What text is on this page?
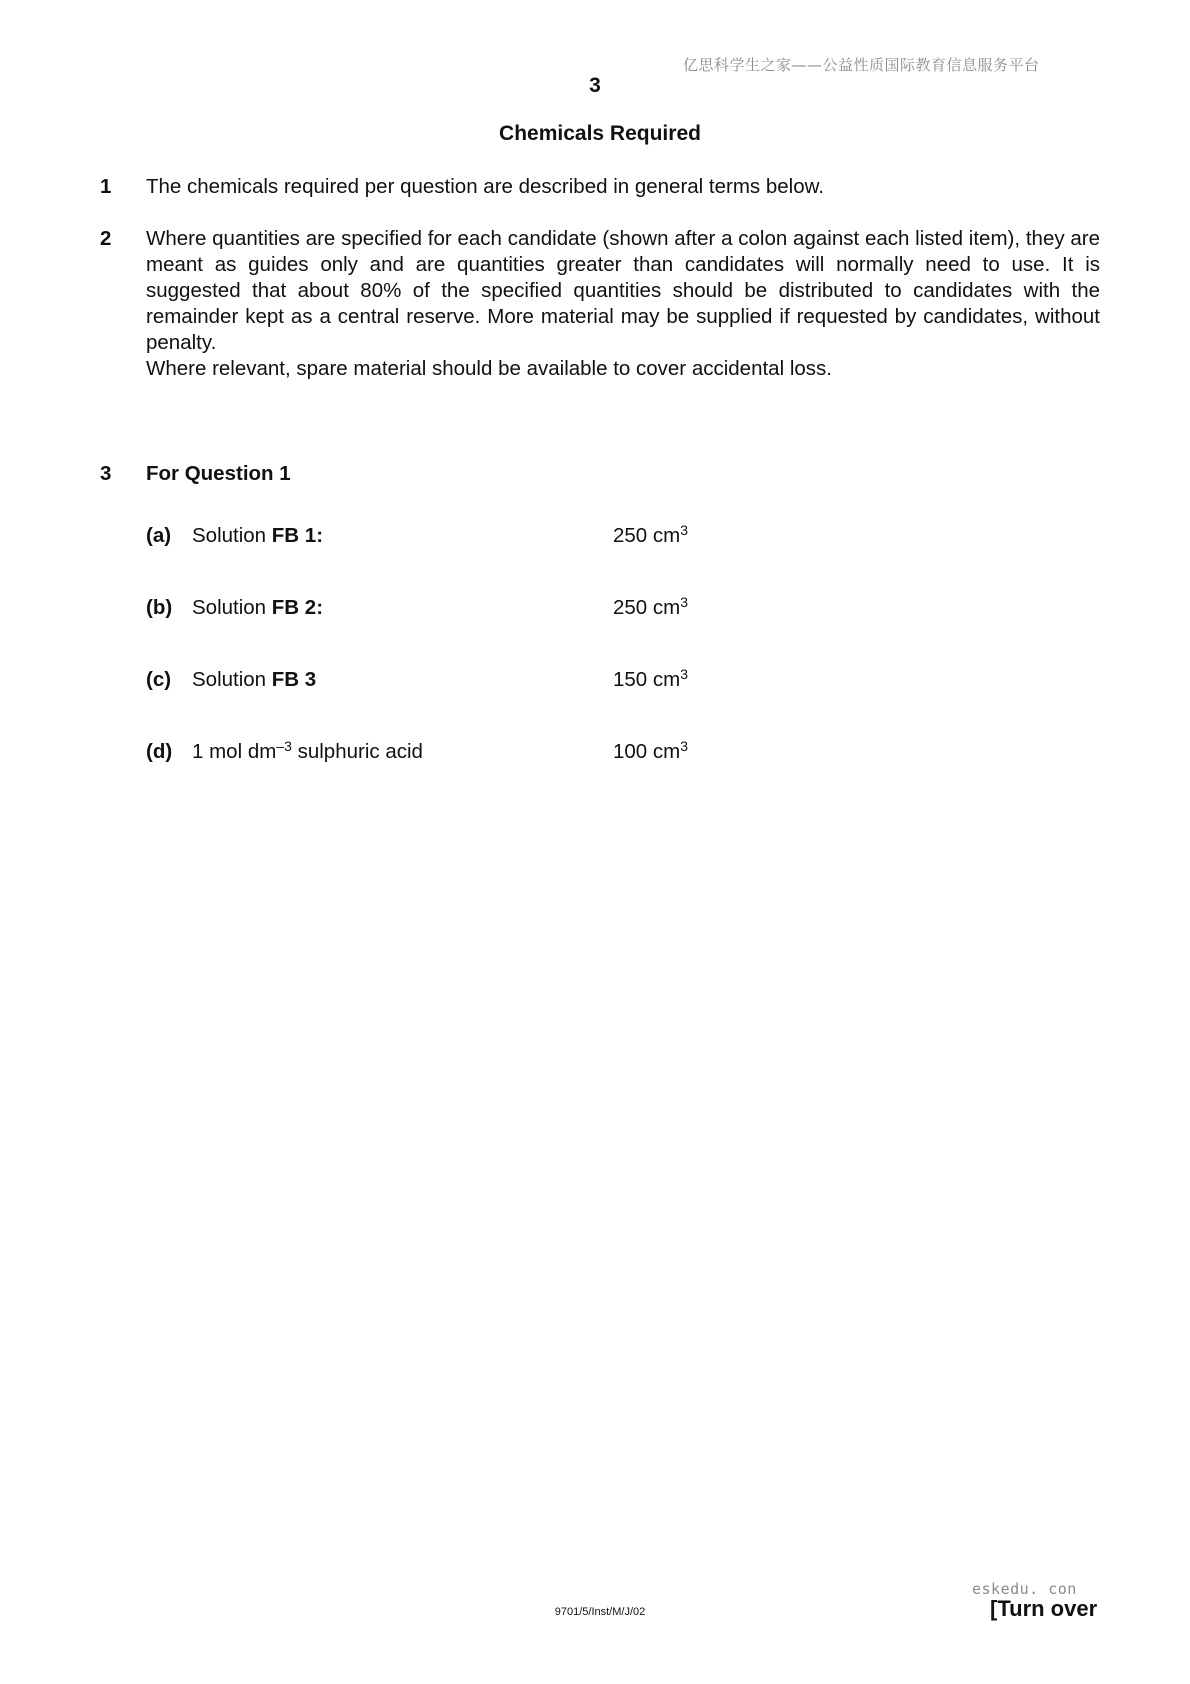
亿思科学生之家——公益性质国际教育信息服务平台
3
Chemicals Required
1 The chemicals required per question are described in general terms below.

2 Where quantities are specified for each candidate (shown after a colon against each listed item), they are meant as guides only and are quantities greater than candidates will normally need to use. It is suggested that about 80% of the specified quantities should be distributed to candidates with the remainder kept as a central reserve. More material may be supplied if requested by candidates, without penalty.

Where relevant, spare material should be available to cover accidental loss.

3 For Question 1
(a) Solution FB 1:	250 $cm^3$
(b) Solution FB 2:	250 $cm^3$
(c) Solution FB 3	150 $cm^3$
(d) 1 mol $dm^{-3}$ sulphuric acid	100 $cm^3$
eskedu. con
9701/5/Inst/M/J/02	[Turn over
